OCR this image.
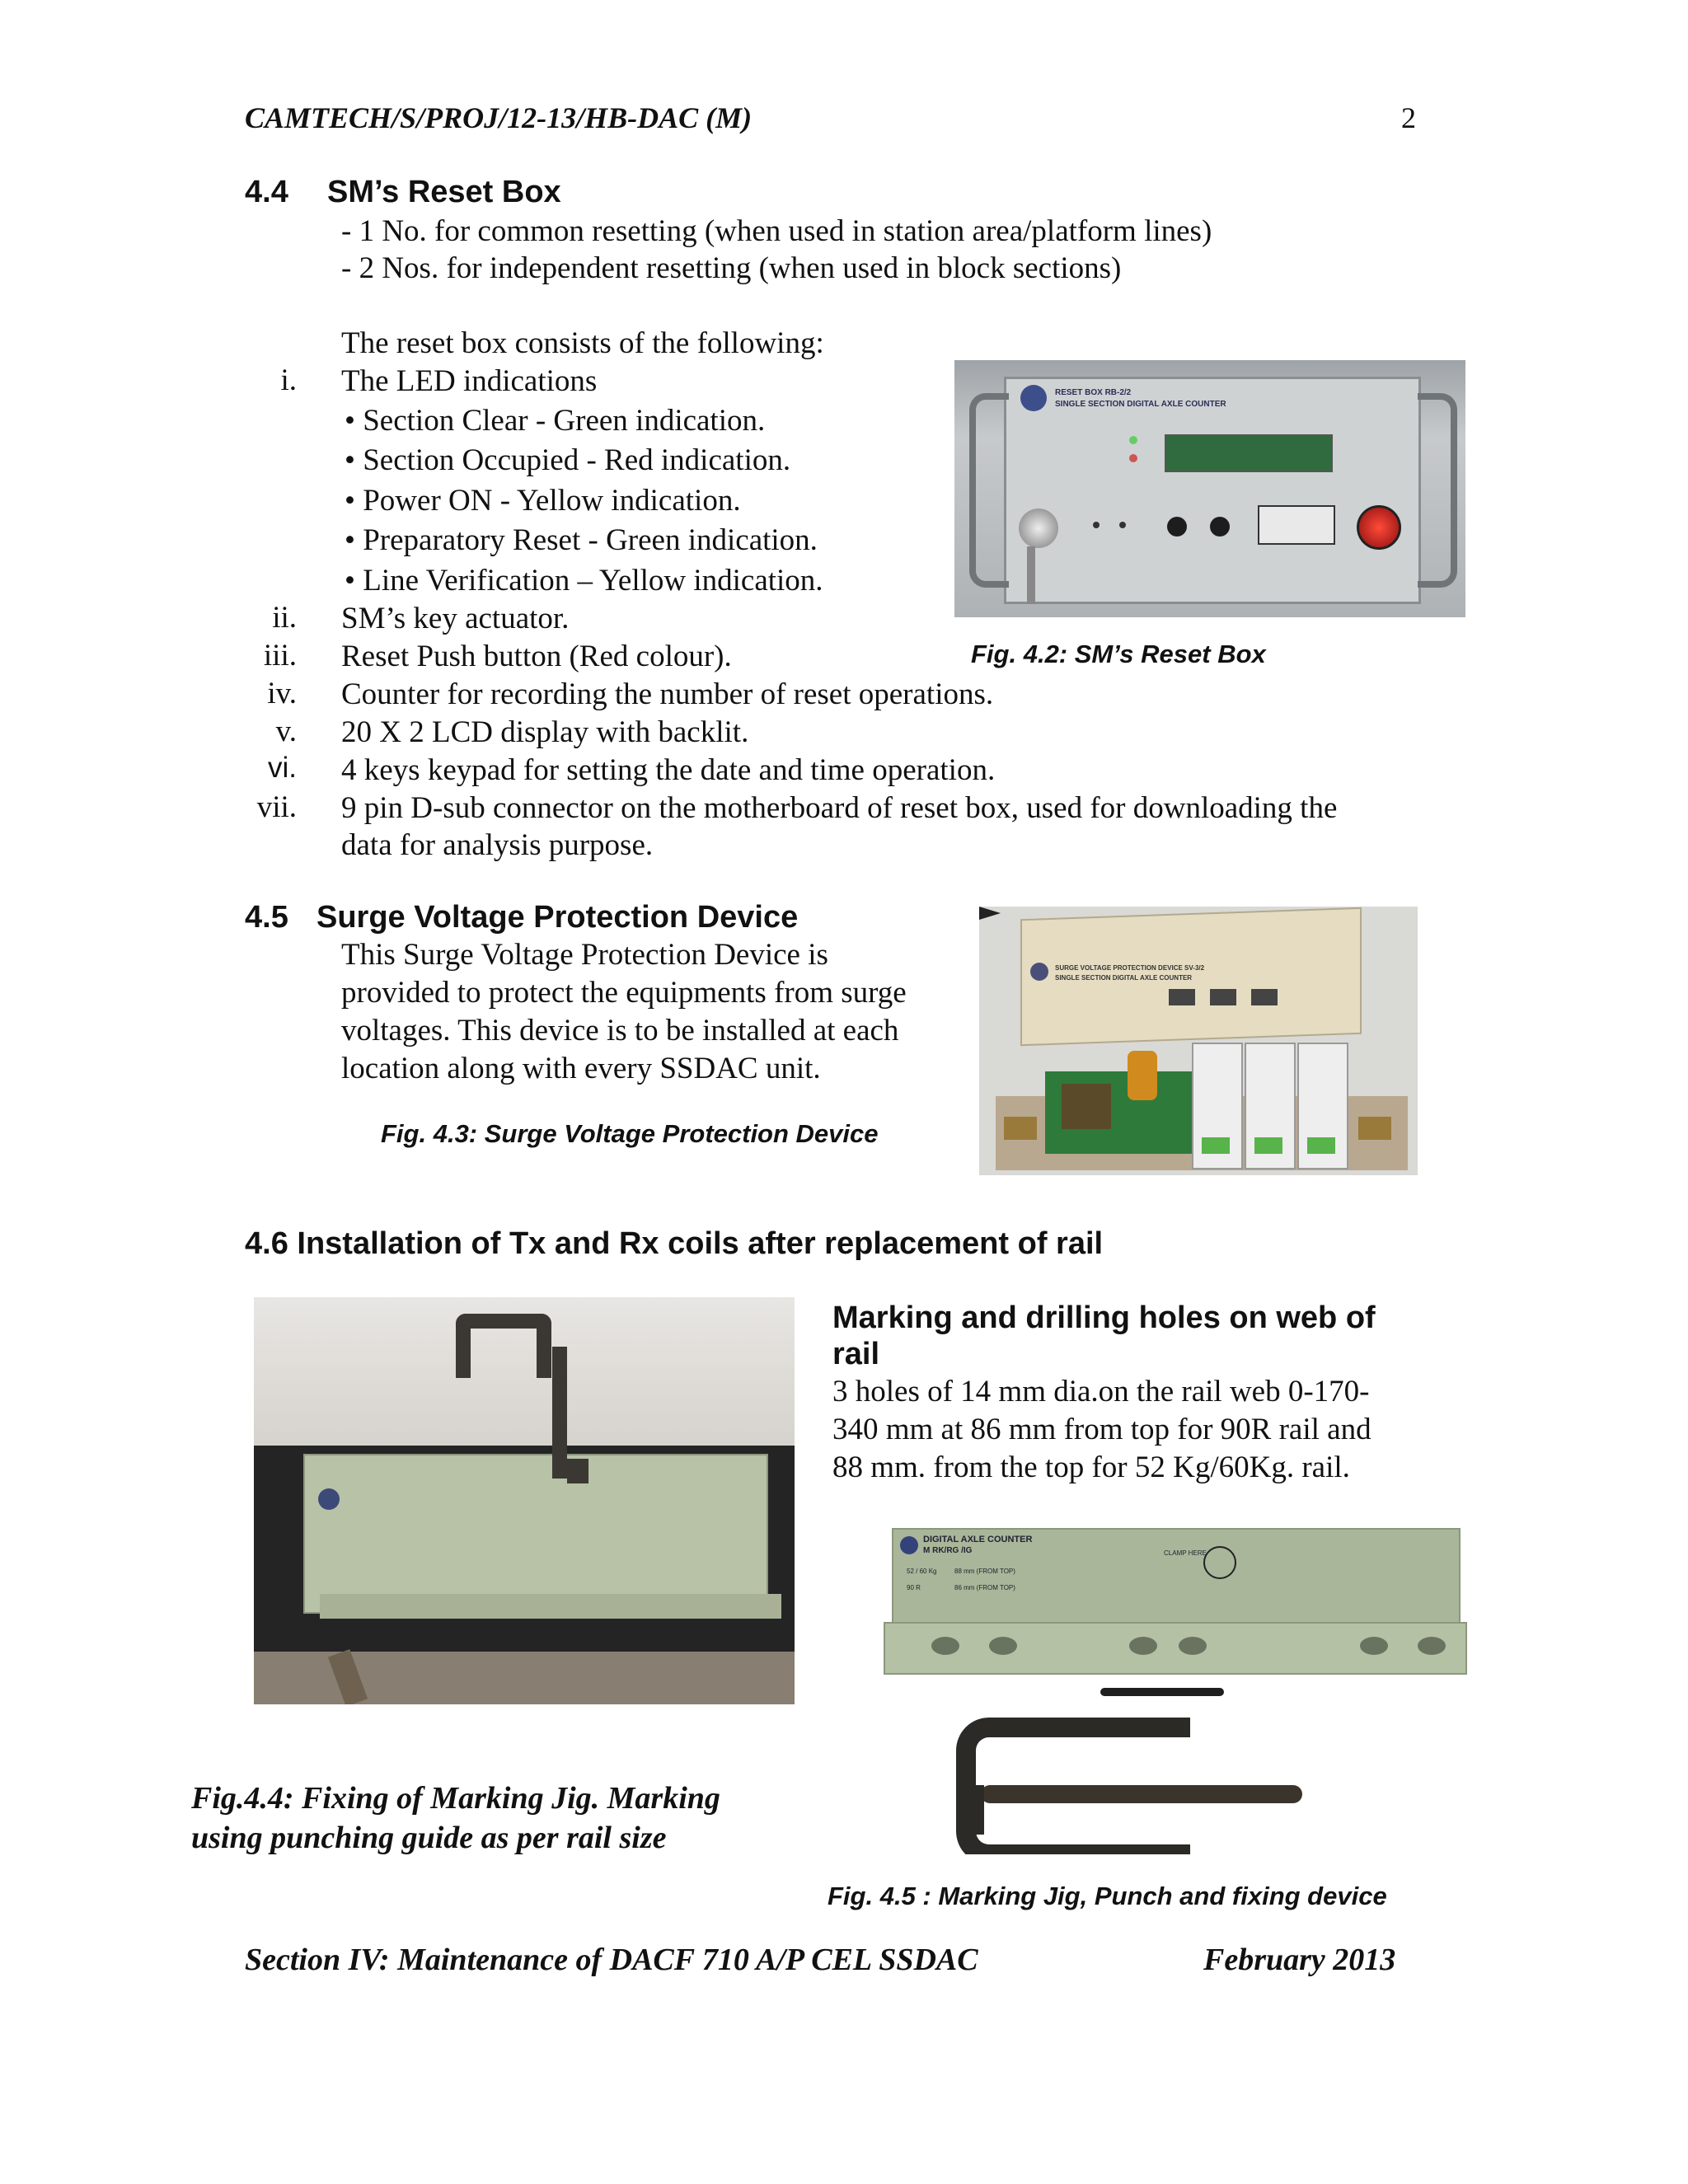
CAMTECH/S/PROJ/12-13/HB-DAC (M)	2
4.4 SM’s Reset Box
- 1 No. for common resetting (when used in station area/platform lines)
- 2 Nos. for independent resetting (when used in block sections)
The reset box consists of the following:
i. The LED indications
• Section Clear - Green indication.
• Section Occupied - Red indication.
• Power ON - Yellow indication.
• Preparatory Reset - Green indication.
• Line Verification – Yellow indication.
ii. SM’s key actuator.
iii. Reset Push button (Red colour).
iv. Counter for recording the number of reset operations.
v. 20 X 2 LCD display with backlit.
vi. 4 keys keypad for setting the date and time operation.
vii. 9 pin D-sub connector on the motherboard of reset box, used for downloading the
data for analysis purpose.
RESET BOX RB-2/2
SINGLE SECTION DIGITAL AXLE COUNTER
Fig. 4.2: SM’s Reset Box
4.5 Surge Voltage Protection Device
This Surge Voltage Protection Device is
provided to protect the equipments from surge
voltages. This device is to be installed at each
location along with every SSDAC unit.
Fig. 4.3: Surge Voltage Protection Device
SURGE VOLTAGE PROTECTION DEVICE SV-3/2
SINGLE SECTION DIGITAL AXLE COUNTER
4.6 Installation of Tx and Rx coils after replacement of rail
Marking and drilling holes on web of
rail
3 holes of 14 mm dia.on the rail web 0-170-
340 mm at 86 mm from top for 90R rail and
88 mm. from the top for 52 Kg/60Kg. rail.
DIGITAL AXLE COUNTER
M RK/RG /IG
52 / 60 Kg	88 mm (FROM TOP)
90 R	86 mm (FROM TOP)
CLAMP HERE
Fig.4.4: Fixing of Marking Jig. Marking
using punching guide as per rail size
Fig. 4.5 : Marking Jig, Punch and fixing device
Section IV: Maintenance of DACF 710 A/P CEL SSDAC	February 2013
